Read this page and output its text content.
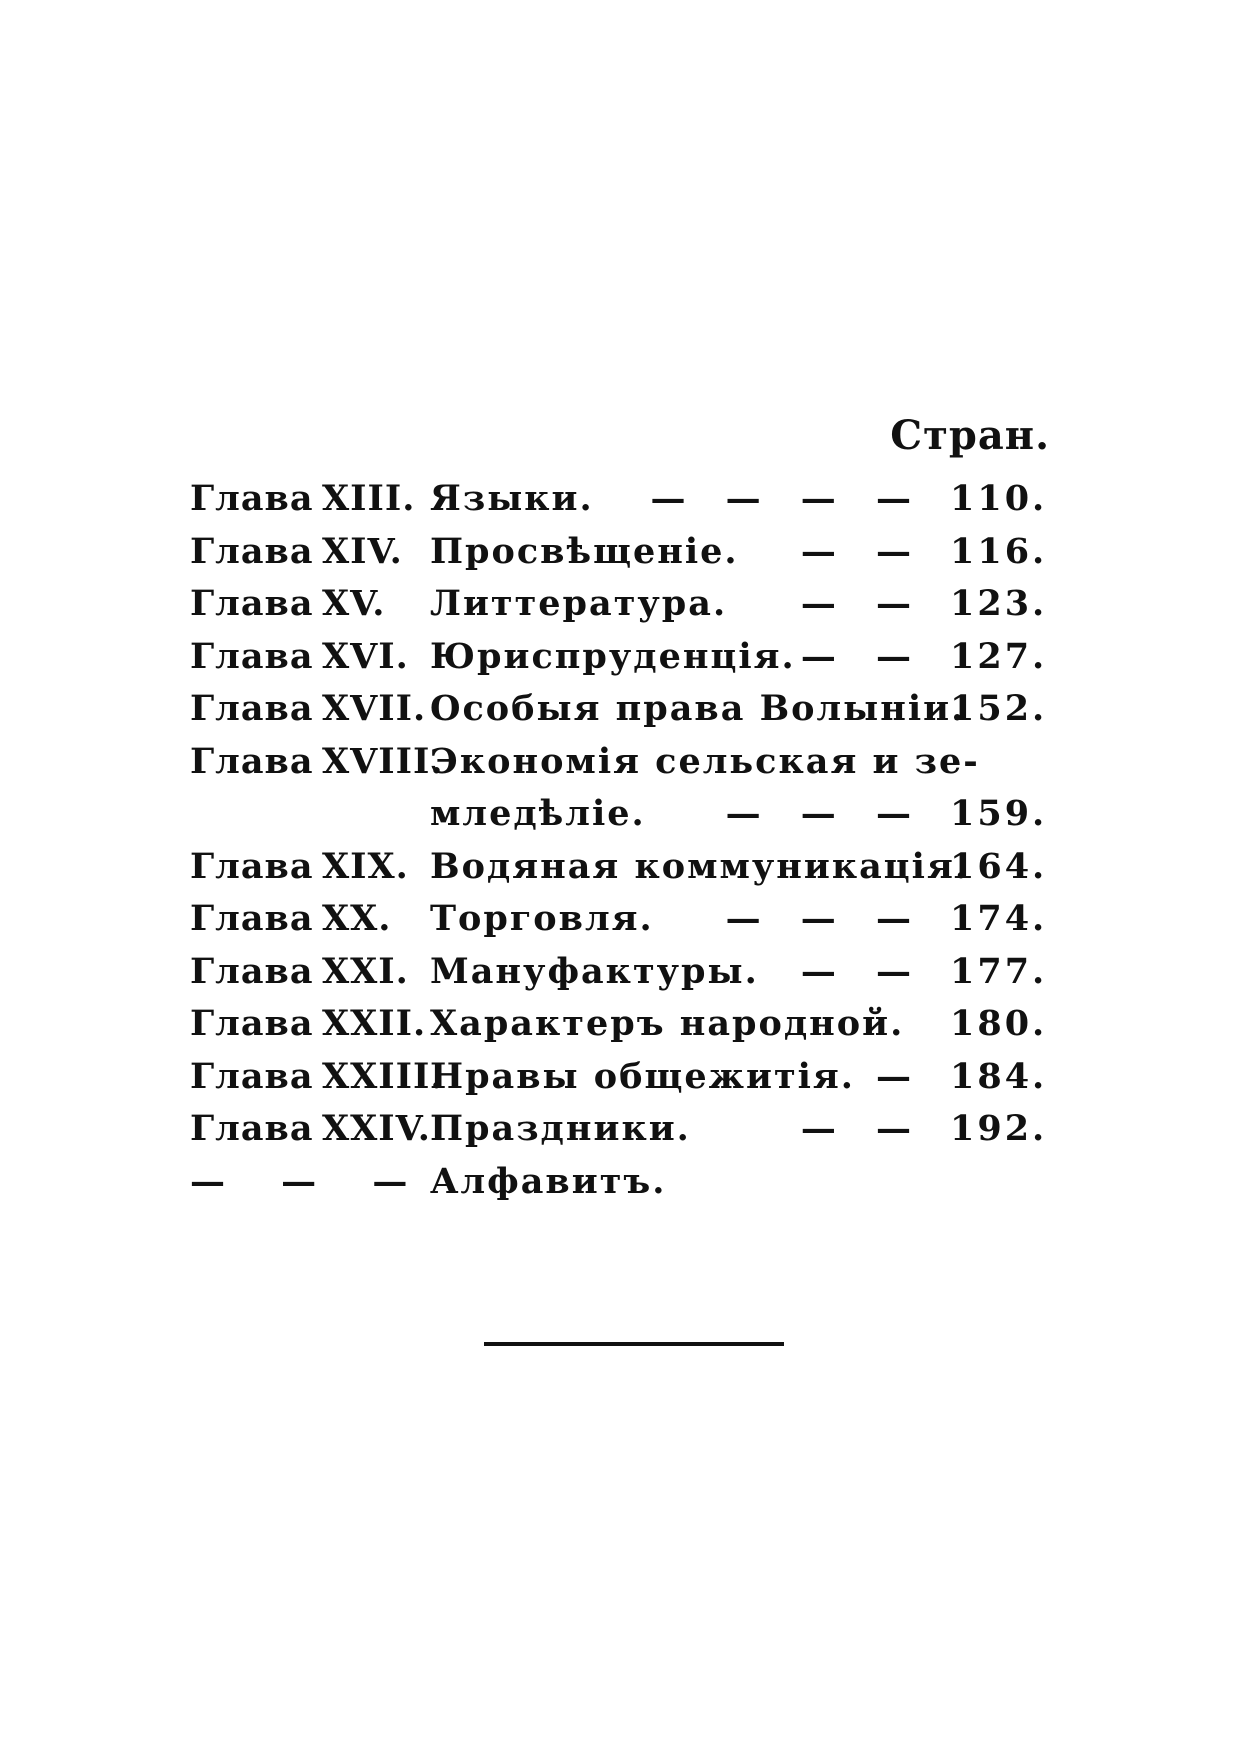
Стран.
Глава XIII. Языки. — — — — 110.
Глава XIV. Просвѣщеніе. — — 116.
Глава XV. Литтература. — — 123.
Глава XVI. Юриспруденція. — — 127.
Глава XVII. Особыя права Волыніи.
152.
Глава XVIII.
Экономія сельская и зе-
мледѣліе. — — — 159.
Глава XIX. Водяная коммуникація.
164.
Глава XX. Торговля. — — — 174.
Глава XXI. Мануфактуры. — — 177.
Глава XXII. Характеръ народной. 180.
Глава XXIII.
Нравы общежитія. — 184.
Глава XXIV. Праздники.	— — 192.
— — — Алфавитъ.
